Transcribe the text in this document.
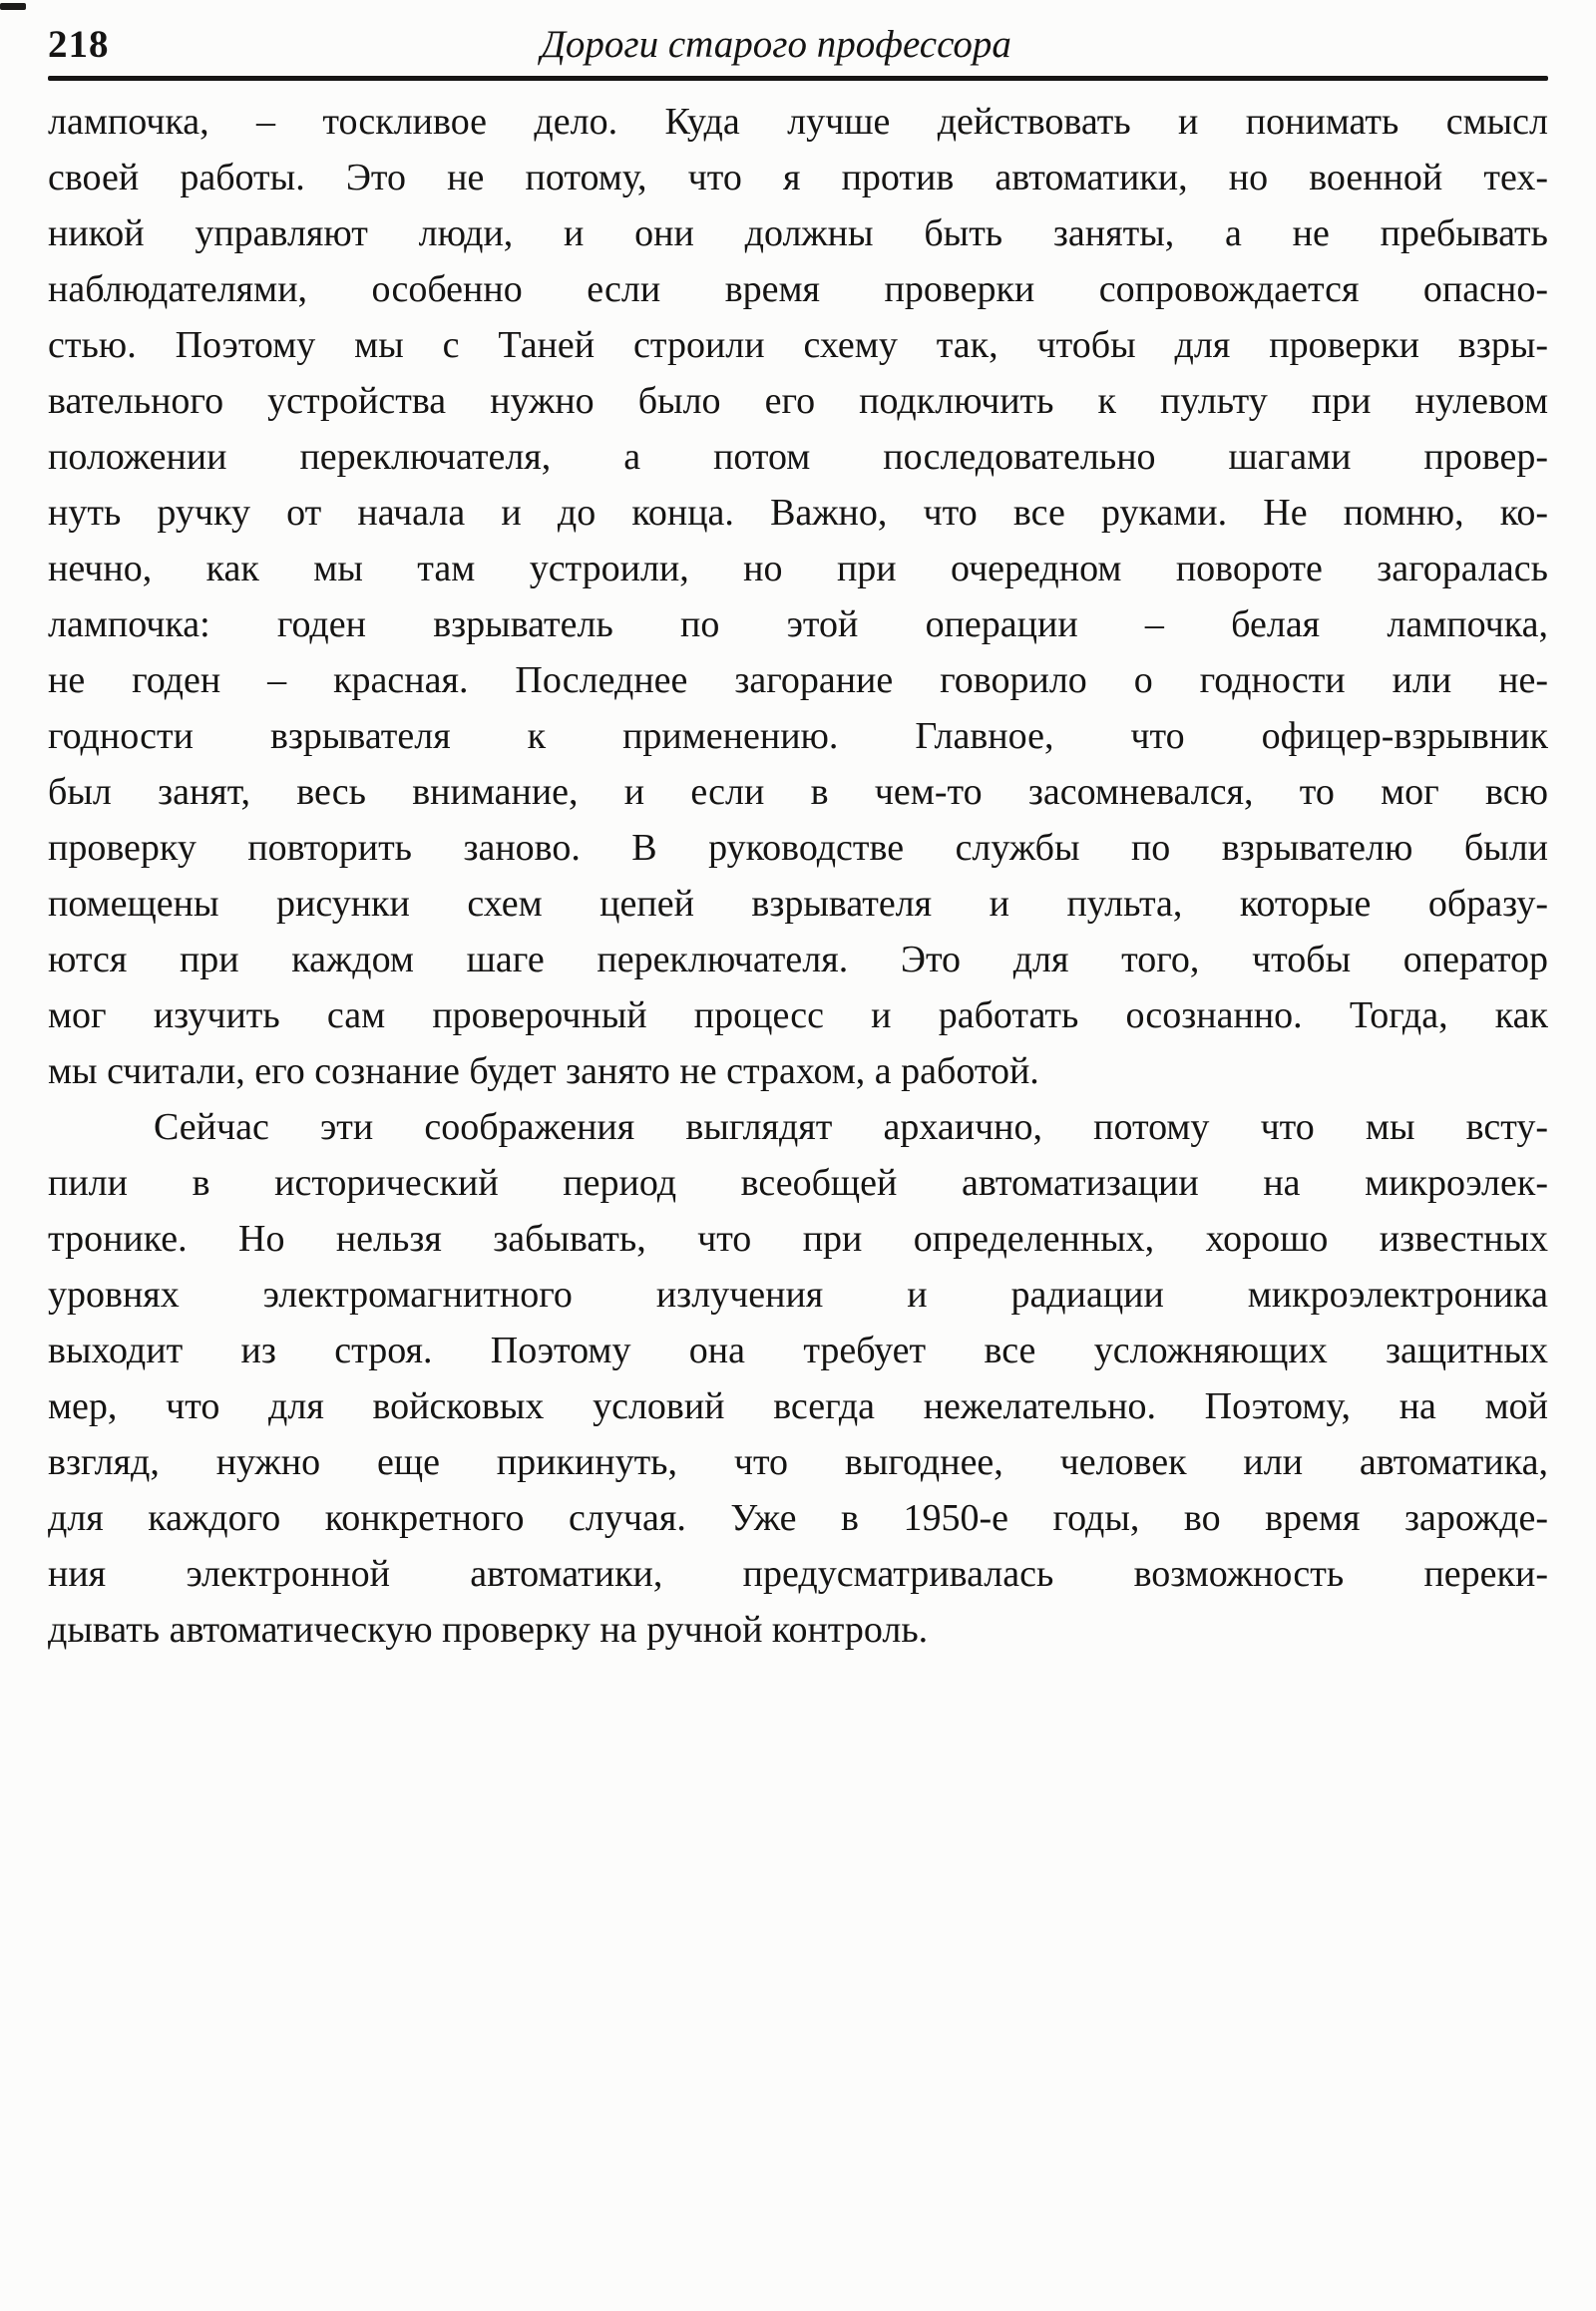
218	Дороги старого профессора
лампочка, – тоскливое дело. Куда лучше действовать и понимать смысл
своей работы. Это не потому, что я против автоматики, но военной тех-
никой управляют люди, и они должны быть заняты, а не пребывать
наблюдателями, особенно если время проверки сопровождается опасно-
стью. Поэтому мы с Таней строили схему так, чтобы для проверки взры-
вательного устройства нужно было его подключить к пульту при нулевом
положении переключателя, а потом последовательно шагами провер-
нуть ручку от начала и до конца. Важно, что все руками. Не помню, ко-
нечно, как мы там устроили, но при очередном повороте загоралась
лампочка: годен взрыватель по этой операции – белая лампочка,
не годен – красная. Последнее загорание говорило о годности или не-
годности взрывателя к применению. Главное, что офицер-взрывник
был занят, весь внимание, и если в чем-то засомневался, то мог всю
проверку повторить заново. В руководстве службы по взрывателю были
помещены рисунки схем цепей взрывателя и пульта, которые образу-
ются при каждом шаге переключателя. Это для того, чтобы оператор
мог изучить сам проверочный процесс и работать осознанно. Тогда, как
мы считали, его сознание будет занято не страхом, а работой.
Сейчас эти соображения выглядят архаично, потому что мы всту-
пили в исторический период всеобщей автоматизации на микроэлек-
тронике. Но нельзя забывать, что при определенных, хорошо известных
уровнях электромагнитного излучения и радиации микроэлектроника
выходит из строя. Поэтому она требует все усложняющих защитных
мер, что для войсковых условий всегда нежелательно. Поэтому, на мой
взгляд, нужно еще прикинуть, что выгоднее, человек или автоматика,
для каждого конкретного случая. Уже в 1950-е годы, во время зарожде-
ния электронной автоматики, предусматривалась возможность переки-
дывать автоматическую проверку на ручной контроль.
